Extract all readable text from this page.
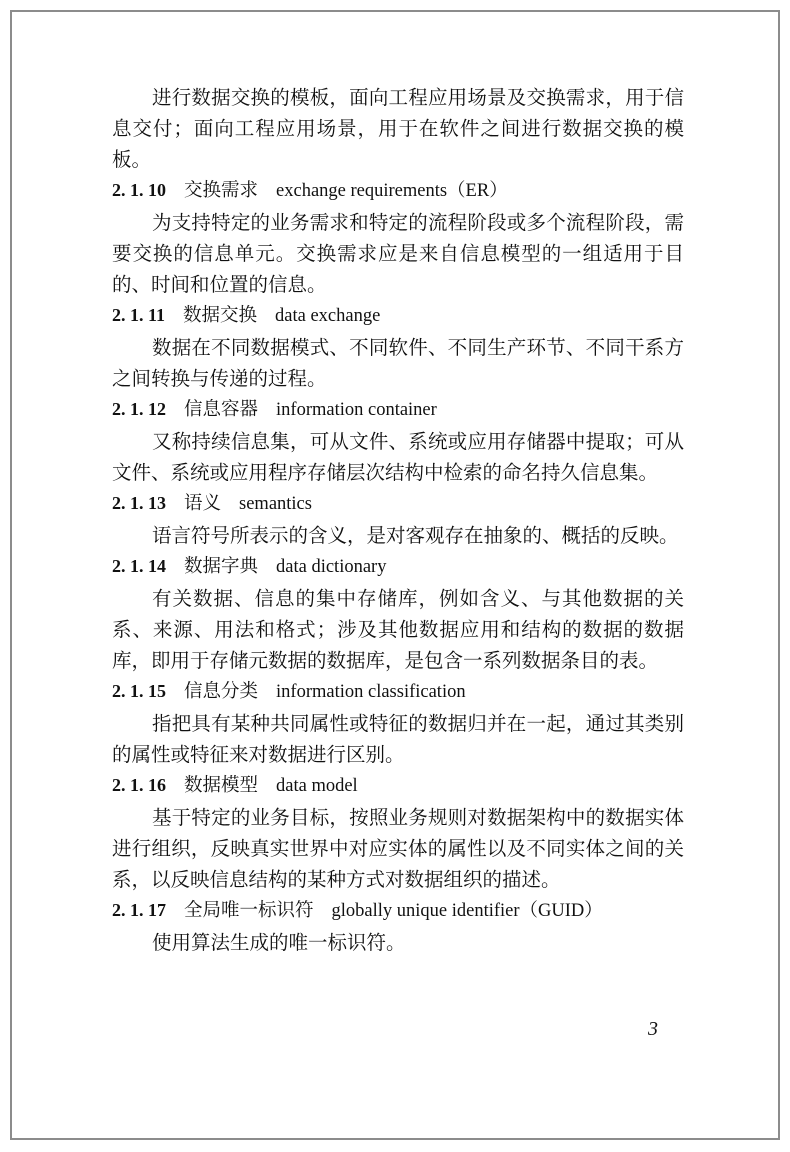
进行数据交换的模板，面向工程应用场景及交换需求，用于信息交付；面向工程应用场景，用于在软件之间进行数据交换的模板。

2. 1. 10 交换需求 exchange requirements（ER）

为支持特定的业务需求和特定的流程阶段或多个流程阶段，需要交换的信息单元。交换需求应是来自信息模型的一组适用于目的、时间和位置的信息。

2. 1. 11 数据交换 data exchange

数据在不同数据模式、不同软件、不同生产环节、不同干系方之间转换与传递的过程。

2. 1. 12 信息容器 information container

又称持续信息集，可从文件、系统或应用存储器中提取；可从文件、系统或应用程序存储层次结构中检索的命名持久信息集。

2. 1. 13 语义 semantics

语言符号所表示的含义，是对客观存在抽象的、概括的反映。

2. 1. 14 数据字典 data dictionary

有关数据、信息的集中存储库，例如含义、与其他数据的关系、来源、用法和格式；涉及其他数据应用和结构的数据的数据库，即用于存储元数据的数据库，是包含一系列数据条目的表。

2. 1. 15 信息分类 information classification

指把具有某种共同属性或特征的数据归并在一起，通过其类别的属性或特征来对数据进行区别。

2. 1. 16 数据模型 data model

基于特定的业务目标，按照业务规则对数据架构中的数据实体进行组织，反映真实世界中对应实体的属性以及不同实体之间的关系，以反映信息结构的某种方式对数据组织的描述。

2. 1. 17 全局唯一标识符 globally unique identifier（GUID）

使用算法生成的唯一标识符。

3
